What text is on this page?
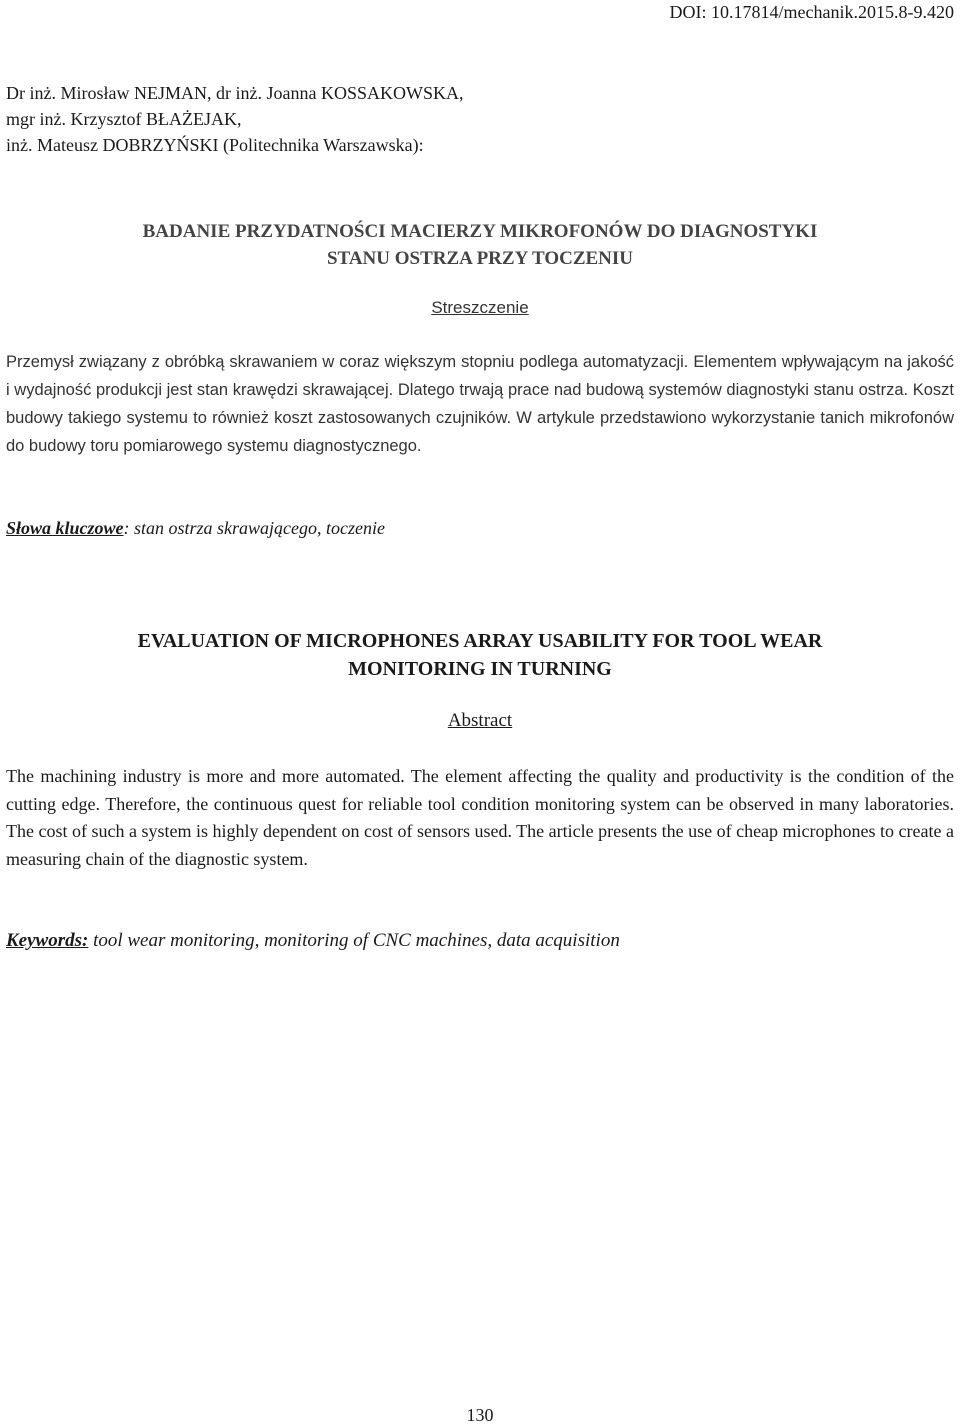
DOI: 10.17814/mechanik.2015.8-9.420
Dr inż. Mirosław NEJMAN, dr inż. Joanna KOSSAKOWSKA,
mgr inż. Krzysztof BŁAŻEJAK,
inż. Mateusz DOBRZYŃSKI (Politechnika Warszawska):
BADANIE PRZYDATNOŚCI MACIERZY MIKROFONÓW DO DIAGNOSTYKI
STANU OSTRZA PRZY TOCZENIU
Streszczenie
Przemysł związany z obróbką skrawaniem w coraz większym stopniu podlega automatyzacji. Elementem wpływającym na jakość i wydajność produkcji jest stan krawędzi skrawającej. Dlatego trwają prace nad budową systemów diagnostyki stanu ostrza. Koszt budowy takiego systemu to również koszt zastosowanych czujników. W artykule przedstawiono wykorzystanie tanich mikrofonów do budowy toru pomiarowego systemu diagnostycznego.
Słowa kluczowe: stan ostrza skrawającego, toczenie
EVALUATION OF MICROPHONES ARRAY USABILITY FOR TOOL WEAR
MONITORING IN TURNING
Abstract
The machining industry is more and more automated. The element affecting the quality and productivity is the condition of the cutting edge. Therefore, the continuous quest for reliable tool condition monitoring system can be observed in many laboratories. The cost of such a system is highly dependent on cost of sensors used. The article presents the use of cheap microphones to create a measuring chain of the diagnostic system.
Keywords: tool wear monitoring, monitoring of CNC machines, data acquisition
130
